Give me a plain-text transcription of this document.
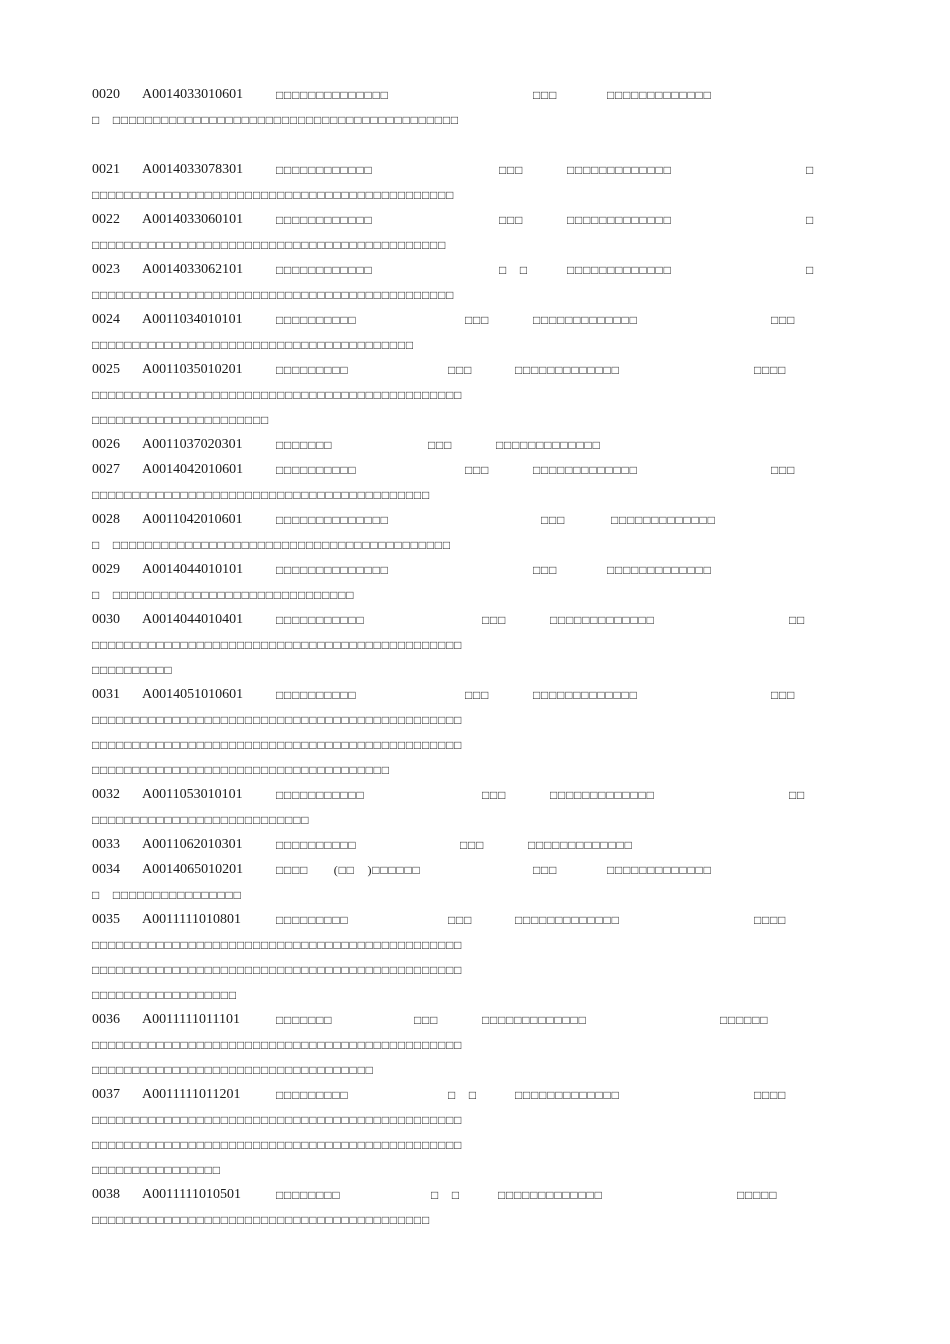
0020 A0014033010601	□□□□□□□□□□□□□□	□□□	□□□□□□□□□□□□□
□　□□□□□□□□□□□□□□□□□□□□□□□□□□□□□□□□□□□□□□□□□□□
0021 A0014033078301	□□□□□□□□□□□□	□□□	□□□□□□□□□□□□□	□
□□□□□□□□□□□□□□□□□□□□□□□□□□□□□□□□□□□□□□□□□□□□□
0022 A0014033060101	□□□□□□□□□□□□	□□□	□□□□□□□□□□□□□	□
□□□□□□□□□□□□□□□□□□□□□□□□□□□□□□□□□□□□□□□□□□□□
0023 A0014033062101	□□□□□□□□□□□□	□　□	□□□□□□□□□□□□□	□
□□□□□□□□□□□□□□□□□□□□□□□□□□□□□□□□□□□□□□□□□□□□□
0024 A0011034010101	□□□□□□□□□□	□□□	□□□□□□□□□□□□□	□□□
□□□□□□□□□□□□□□□□□□□□□□□□□□□□□□□□□□□□□□□□
0025 A0011035010201	□□□□□□□□□	□□□	□□□□□□□□□□□□□	□□□□
□□□□□□□□□□□□□□□□□□□□□□□□□□□□□□□□□□□□□□□□□□□□□□
□□□□□□□□□□□□□□□□□□□□□□
0026 A0011037020301	□□□□□□□	□□□	□□□□□□□□□□□□□
0027 A0014042010601	□□□□□□□□□□	□□□	□□□□□□□□□□□□□	□□□
□□□□□□□□□□□□□□□□□□□□□□□□□□□□□□□□□□□□□□□□□□
0028 A0011042010601	□□□□□□□□□□□□□□	□□□	□□□□□□□□□□□□□
□　□□□□□□□□□□□□□□□□□□□□□□□□□□□□□□□□□□□□□□□□□□
0029 A0014044010101	□□□□□□□□□□□□□□	□□□	□□□□□□□□□□□□□
□　□□□□□□□□□□□□□□□□□□□□□□□□□□□□□□
0030 A0014044010401	□□□□□□□□□□□	□□□	□□□□□□□□□□□□□	□□
□□□□□□□□□□□□□□□□□□□□□□□□□□□□□□□□□□□□□□□□□□□□□□
□□□□□□□□□□
0031 A0014051010601	□□□□□□□□□□	□□□	□□□□□□□□□□□□□	□□□
□□□□□□□□□□□□□□□□□□□□□□□□□□□□□□□□□□□□□□□□□□□□□□
□□□□□□□□□□□□□□□□□□□□□□□□□□□□□□□□□□□□□□□□□□□□□□
□□□□□□□□□□□□□□□□□□□□□□□□□□□□□□□□□□□□□
0032 A0011053010101	□□□□□□□□□□□	□□□	□□□□□□□□□□□□□	□□
□□□□□□□□□□□□□□□□□□□□□□□□□□□
0033 A0011062010301	□□□□□□□□□□	□□□	□□□□□□□□□□□□□
0034 A0014065010201	□□□□　　(□□　)□□□□□□	□□□	□□□□□□□□□□□□□
□　□□□□□□□□□□□□□□□□
0035 A0011111010801	□□□□□□□□□	□□□	□□□□□□□□□□□□□	□□□□
□□□□□□□□□□□□□□□□□□□□□□□□□□□□□□□□□□□□□□□□□□□□□□
□□□□□□□□□□□□□□□□□□□□□□□□□□□□□□□□□□□□□□□□□□□□□□
□□□□□□□□□□□□□□□□□□
0036 A0011111011101	□□□□□□□	□□□	□□□□□□□□□□□□□	□□□□□□
□□□□□□□□□□□□□□□□□□□□□□□□□□□□□□□□□□□□□□□□□□□□□□
□□□□□□□□□□□□□□□□□□□□□□□□□□□□□□□□□□□
0037 A0011111011201	□□□□□□□□□	□　□	□□□□□□□□□□□□□	□□□□
□□□□□□□□□□□□□□□□□□□□□□□□□□□□□□□□□□□□□□□□□□□□□□
□□□□□□□□□□□□□□□□□□□□□□□□□□□□□□□□□□□□□□□□□□□□□□
□□□□□□□□□□□□□□□□
0038 A0011111010501	□□□□□□□□	□　□	□□□□□□□□□□□□□	□□□□□
□□□□□□□□□□□□□□□□□□□□□□□□□□□□□□□□□□□□□□□□□□
